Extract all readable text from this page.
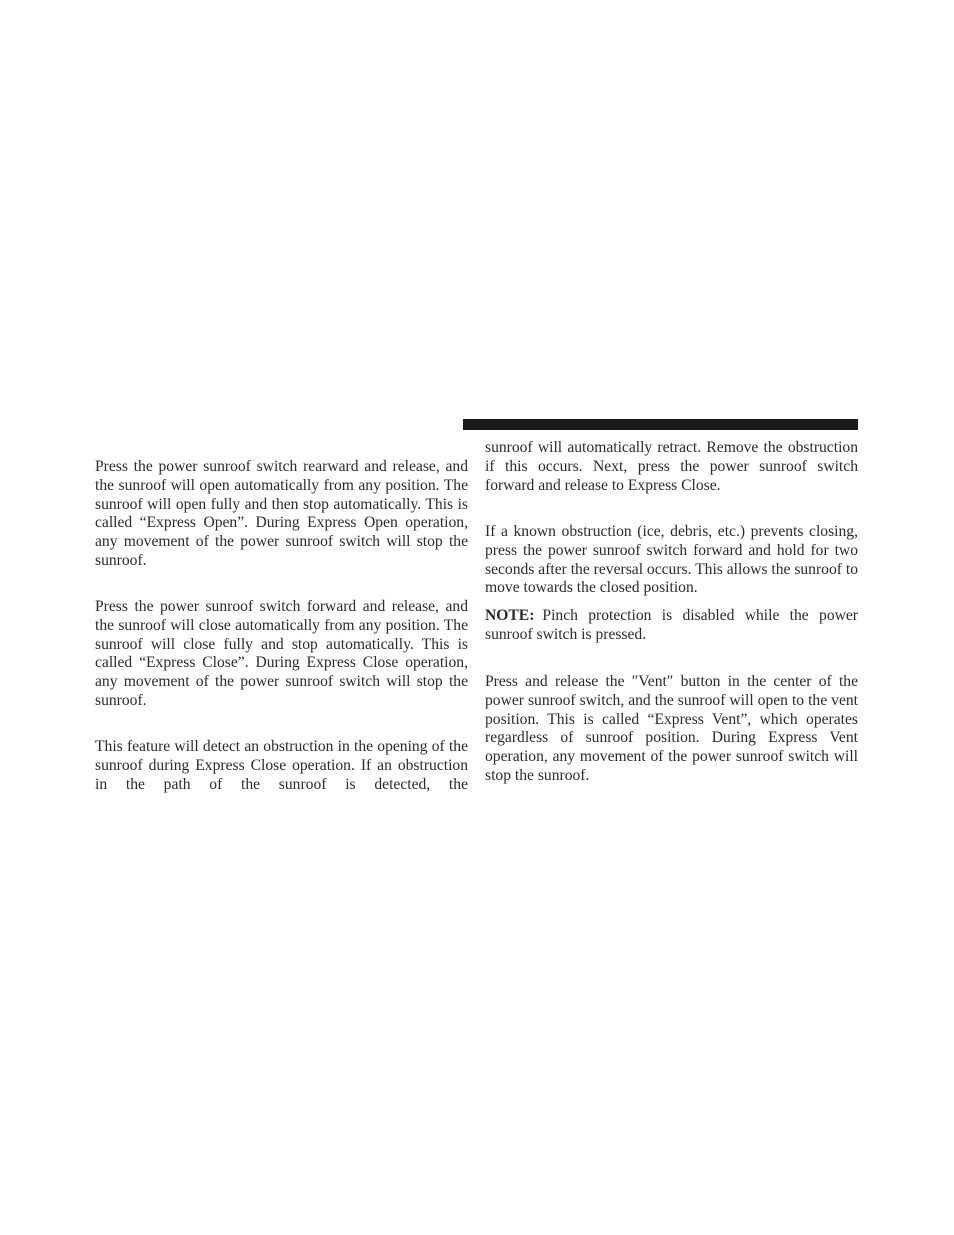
Press the power sunroof switch rearward and release, and the sunroof will open automatically from any position. The sunroof will open fully and then stop automatically. This is called “Express Open”. During Express Open operation, any movement of the power sunroof switch will stop the sunroof.

Press the power sunroof switch forward and release, and the sunroof will close automatically from any position. The sunroof will close fully and stop automatically. This is called “Express Close”. During Express Close operation, any movement of the power sunroof switch will stop the sunroof.

This feature will detect an obstruction in the opening of the sunroof during Express Close operation. If an obstruction in the path of the sunroof is detected, the

sunroof will automatically retract. Remove the obstruction if this occurs. Next, press the power sunroof switch forward and release to Express Close.

If a known obstruction (ice, debris, etc.) prevents closing, press the power sunroof switch forward and hold for two seconds after the reversal occurs. This allows the sunroof to move towards the closed position.

NOTE: Pinch protection is disabled while the power sunroof switch is pressed.

Press and release the ″Vent″ button in the center of the power sunroof switch, and the sunroof will open to the vent position. This is called “Express Vent”, which operates regardless of sunroof position. During Express Vent operation, any movement of the power sunroof switch will stop the sunroof.
